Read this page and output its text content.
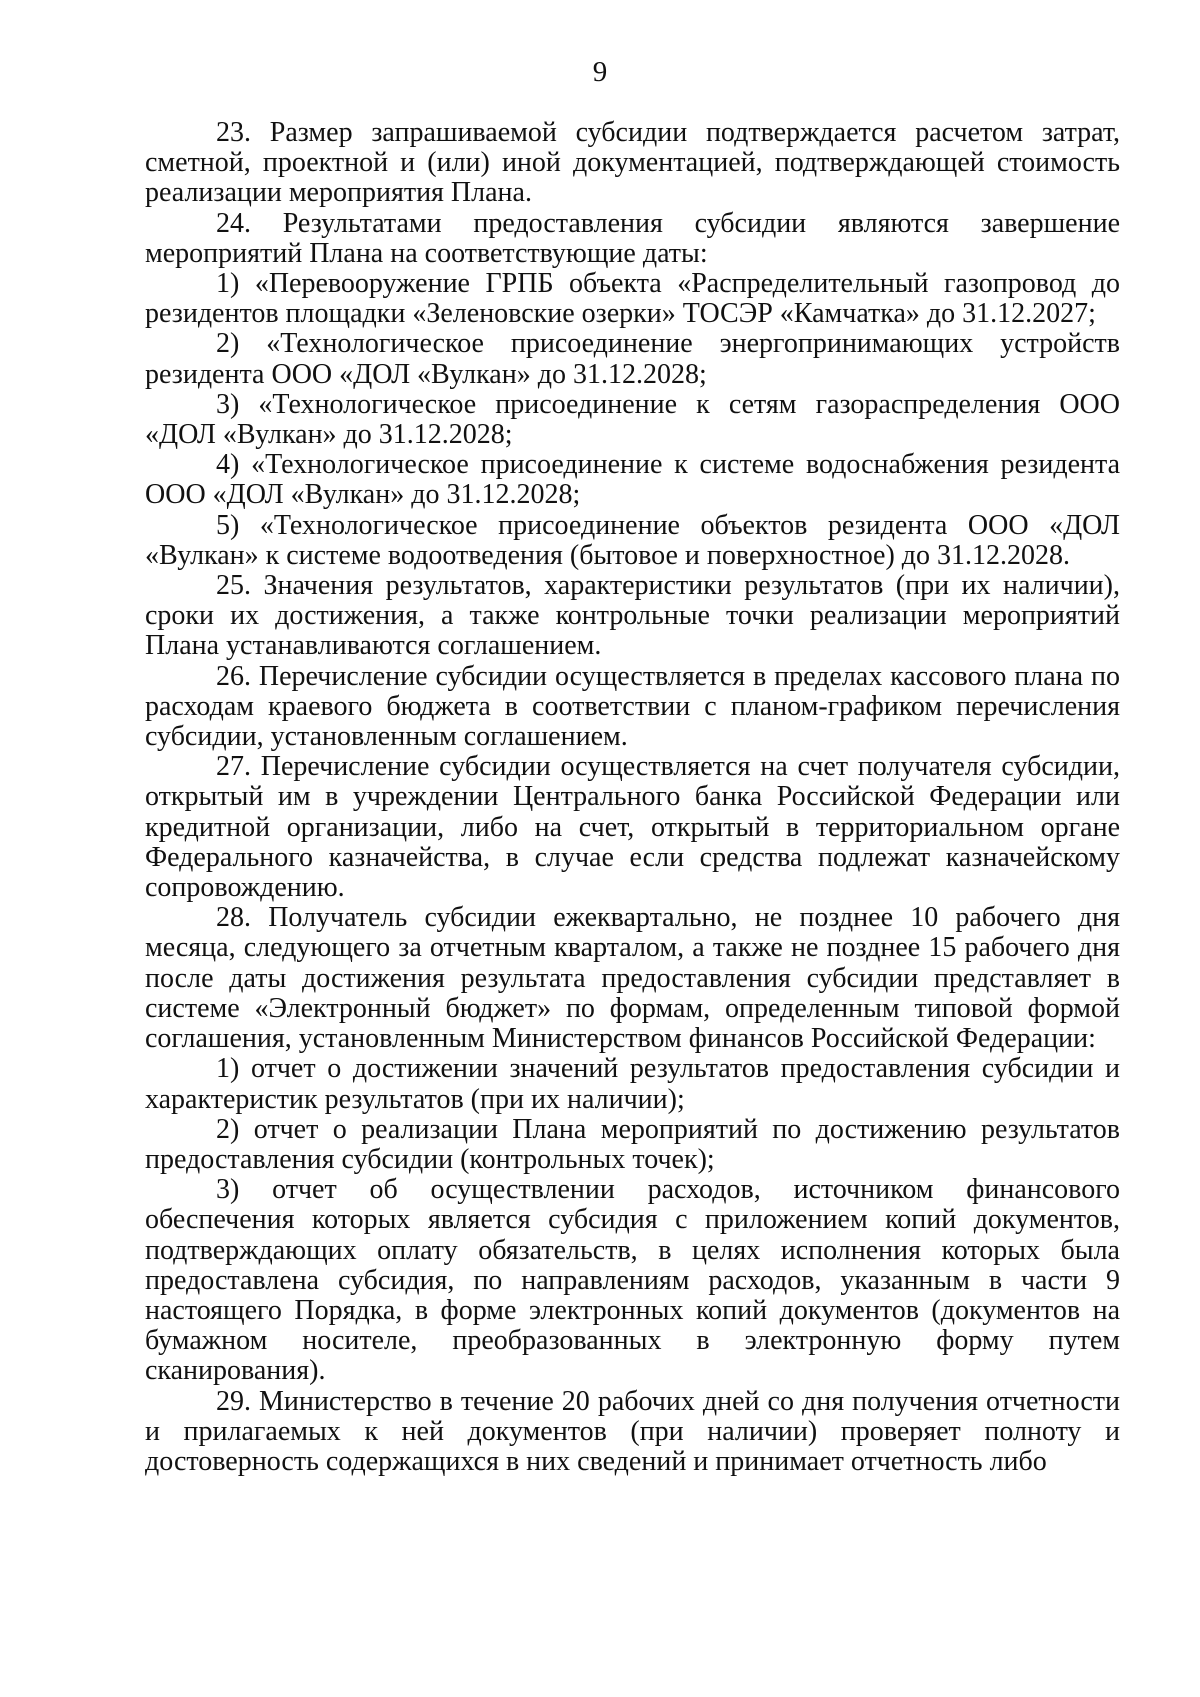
9

23. Размер запрашиваемой субсидии подтверждается расчетом затрат, сметной, проектной и (или) иной документацией, подтверждающей стоимость реализации мероприятия Плана.

24. Результатами предоставления субсидии являются завершение мероприятий Плана на соответствующие даты:

1) «Перевооружение ГРПБ объекта «Распределительный газопровод до резидентов площадки «Зеленовские озерки» ТОСЭР «Камчатка» до 31.12.2027;

2) «Технологическое присоединение энергопринимающих устройств резидента ООО «ДОЛ «Вулкан» до 31.12.2028;

3) «Технологическое присоединение к сетям газораспределения ООО «ДОЛ «Вулкан» до 31.12.2028;

4) «Технологическое присоединение к системе водоснабжения резидента ООО «ДОЛ «Вулкан» до 31.12.2028;

5) «Технологическое присоединение объектов резидента ООО «ДОЛ «Вулкан» к системе водоотведения (бытовое и поверхностное) до 31.12.2028.

25. Значения результатов, характеристики результатов (при их наличии), сроки их достижения, а также контрольные точки реализации мероприятий Плана устанавливаются соглашением.

26. Перечисление субсидии осуществляется в пределах кассового плана по расходам краевого бюджета в соответствии с планом-графиком перечисления субсидии, установленным соглашением.

27. Перечисление субсидии осуществляется на счет получателя субсидии, открытый им в учреждении Центрального банка Российской Федерации или кредитной организации, либо на счет, открытый в территориальном органе Федерального казначейства, в случае если средства подлежат казначейскому сопровождению.

28. Получатель субсидии ежеквартально, не позднее 10 рабочего дня месяца, следующего за отчетным кварталом, а также не позднее 15 рабочего дня после даты достижения результата предоставления субсидии представляет в системе «Электронный бюджет» по формам, определенным типовой формой соглашения, установленным Министерством финансов Российской Федерации:

1) отчет о достижении значений результатов предоставления субсидии и характеристик результатов (при их наличии);

2) отчет о реализации Плана мероприятий по достижению результатов предоставления субсидии (контрольных точек);

3) отчет об осуществлении расходов, источником финансового обеспечения которых является субсидия с приложением копий документов, подтверждающих оплату обязательств, в целях исполнения которых была предоставлена субсидия, по направлениям расходов, указанным в части 9 настоящего Порядка, в форме электронных копий документов (документов на бумажном носителе, преобразованных в электронную форму путем сканирования).

29. Министерство в течение 20 рабочих дней со дня получения отчетности и прилагаемых к ней документов (при наличии) проверяет полноту и достоверность содержащихся в них сведений и принимает отчетность либо
